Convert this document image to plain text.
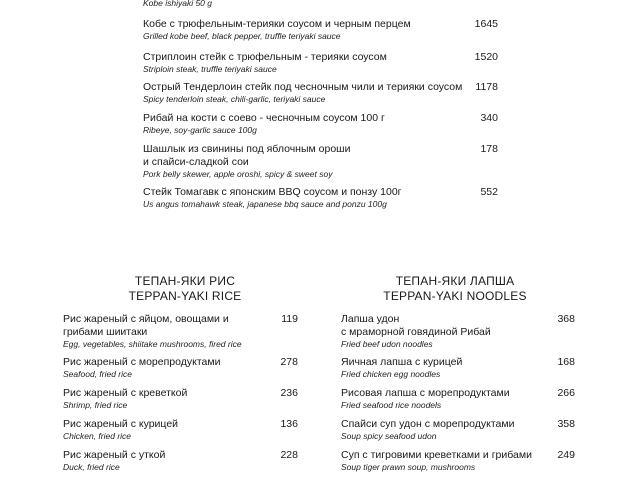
Kobe ishiyaki 50 g
Кобе с трюфельным-терияки соусом и черным перцем
Grilled kobe beef, black pepper, truffle teriyaki sauce
1645
Стриплоин стейк с трюфельным - терияки соусом
Striploin steak, truffle teriyaki sauce
1520
Острый Тендерлоин стейк под чесночным чили и терияки соусом
Spicy tenderloin steak, chili-garlic, teriyaki sauce
1178
Рибай на кости с соево - чесночным соусом 100 г
Ribeye, soy-garlic sauce 100g
340
Шашлык из свинины под яблочным ороши
и спайси-сладкой сои
Pork belly skewer, apple oroshi, spicy & sweet soy
178
Стейк Томагавк с японским BBQ соусом и понзу 100г
Us angus tomahawk steak, japanese bbq sauce and ponzu 100g
552
ТЕПАН-ЯКИ РИС
TEPPAN-YAKI RICE
ТЕПАН-ЯКИ ЛАПША
TEPPAN-YAKI NOODLES
Рис жареный с яйцом, овощами и
грибами шиитаки
Egg, vegetables, shiitake mushrooms, fired rice
119
Рис жареный с морепродуктами
Seafood, fried rice
278
Рис жареный с креветкой
Shrimp, fried rice
236
Рис жареный с курицей
Chicken, fried rice
136
Рис жареный с уткой
Duck, fried rice
228
Лапша удон
с мраморной говядиной Рибай
Fried beef udon noodles
368
Яичная лапша с курицей
Fried chicken egg noodles
168
Рисовая лапша с морепродуктами
Fried seafood rice noodels
266
Спайси суп удон с морепродуктами
Soup spicy seafood udon
358
Суп с тигровими креветками и грибами
Soup tiger prawn soup, mushrooms
249
